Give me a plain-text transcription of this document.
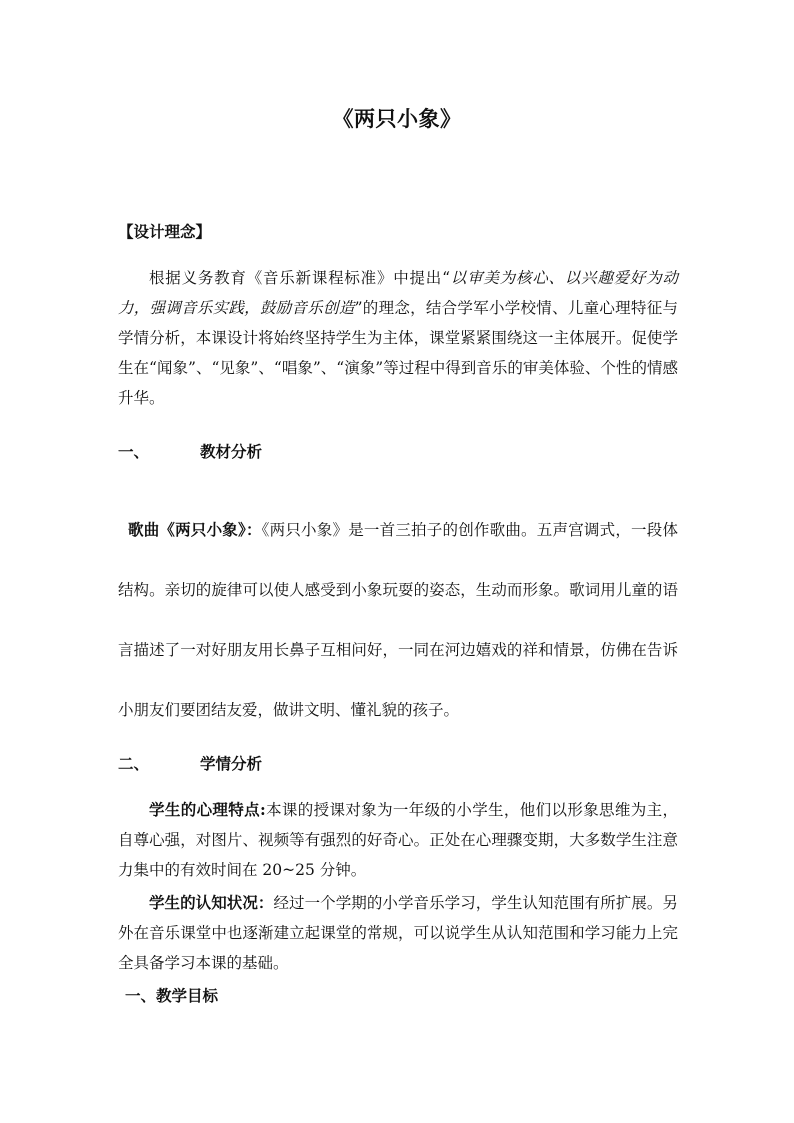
《两只小象》
【设计理念】
根据义务教育《音乐新课程标准》中提出“以审美为核心、以兴趣爱好为动力，强调音乐实践，鼓励音乐创造”的理念，结合学军小学校情、儿童心理特征与学情分析，本课设计将始终坚持学生为主体，课堂紧紧围绕这一主体展开。促使学生在“闻象”、“见象”、“唱象”、“演象”等过程中得到音乐的审美体验、个性的情感升华。
一、	教材分析
歌曲《两只小象》：《两只小象》是一首三拍子的创作歌曲。五声宫调式，一段体结构。亲切的旋律可以使人感受到小象玩耍的姿态，生动而形象。歌词用儿童的语言描述了一对好朋友用长鼻子互相问好，一同在河边嬉戏的祥和情景，仿佛在告诉小朋友们要团结友爱，做讲文明、懂礼貌的孩子。
二、	学情分析
学生的心理特点:本课的授课对象为一年级的小学生，他们以形象思维为主，自尊心强，对图片、视频等有强烈的好奇心。正处在心理骤变期，大多数学生注意力集中的有效时间在 20~25 分钟。
学生的认知状况：经过一个学期的小学音乐学习，学生认知范围有所扩展。另外在音乐课堂中也逐渐建立起课堂的常规，可以说学生从认知范围和学习能力上完全具备学习本课的基础。
一、教学目标
